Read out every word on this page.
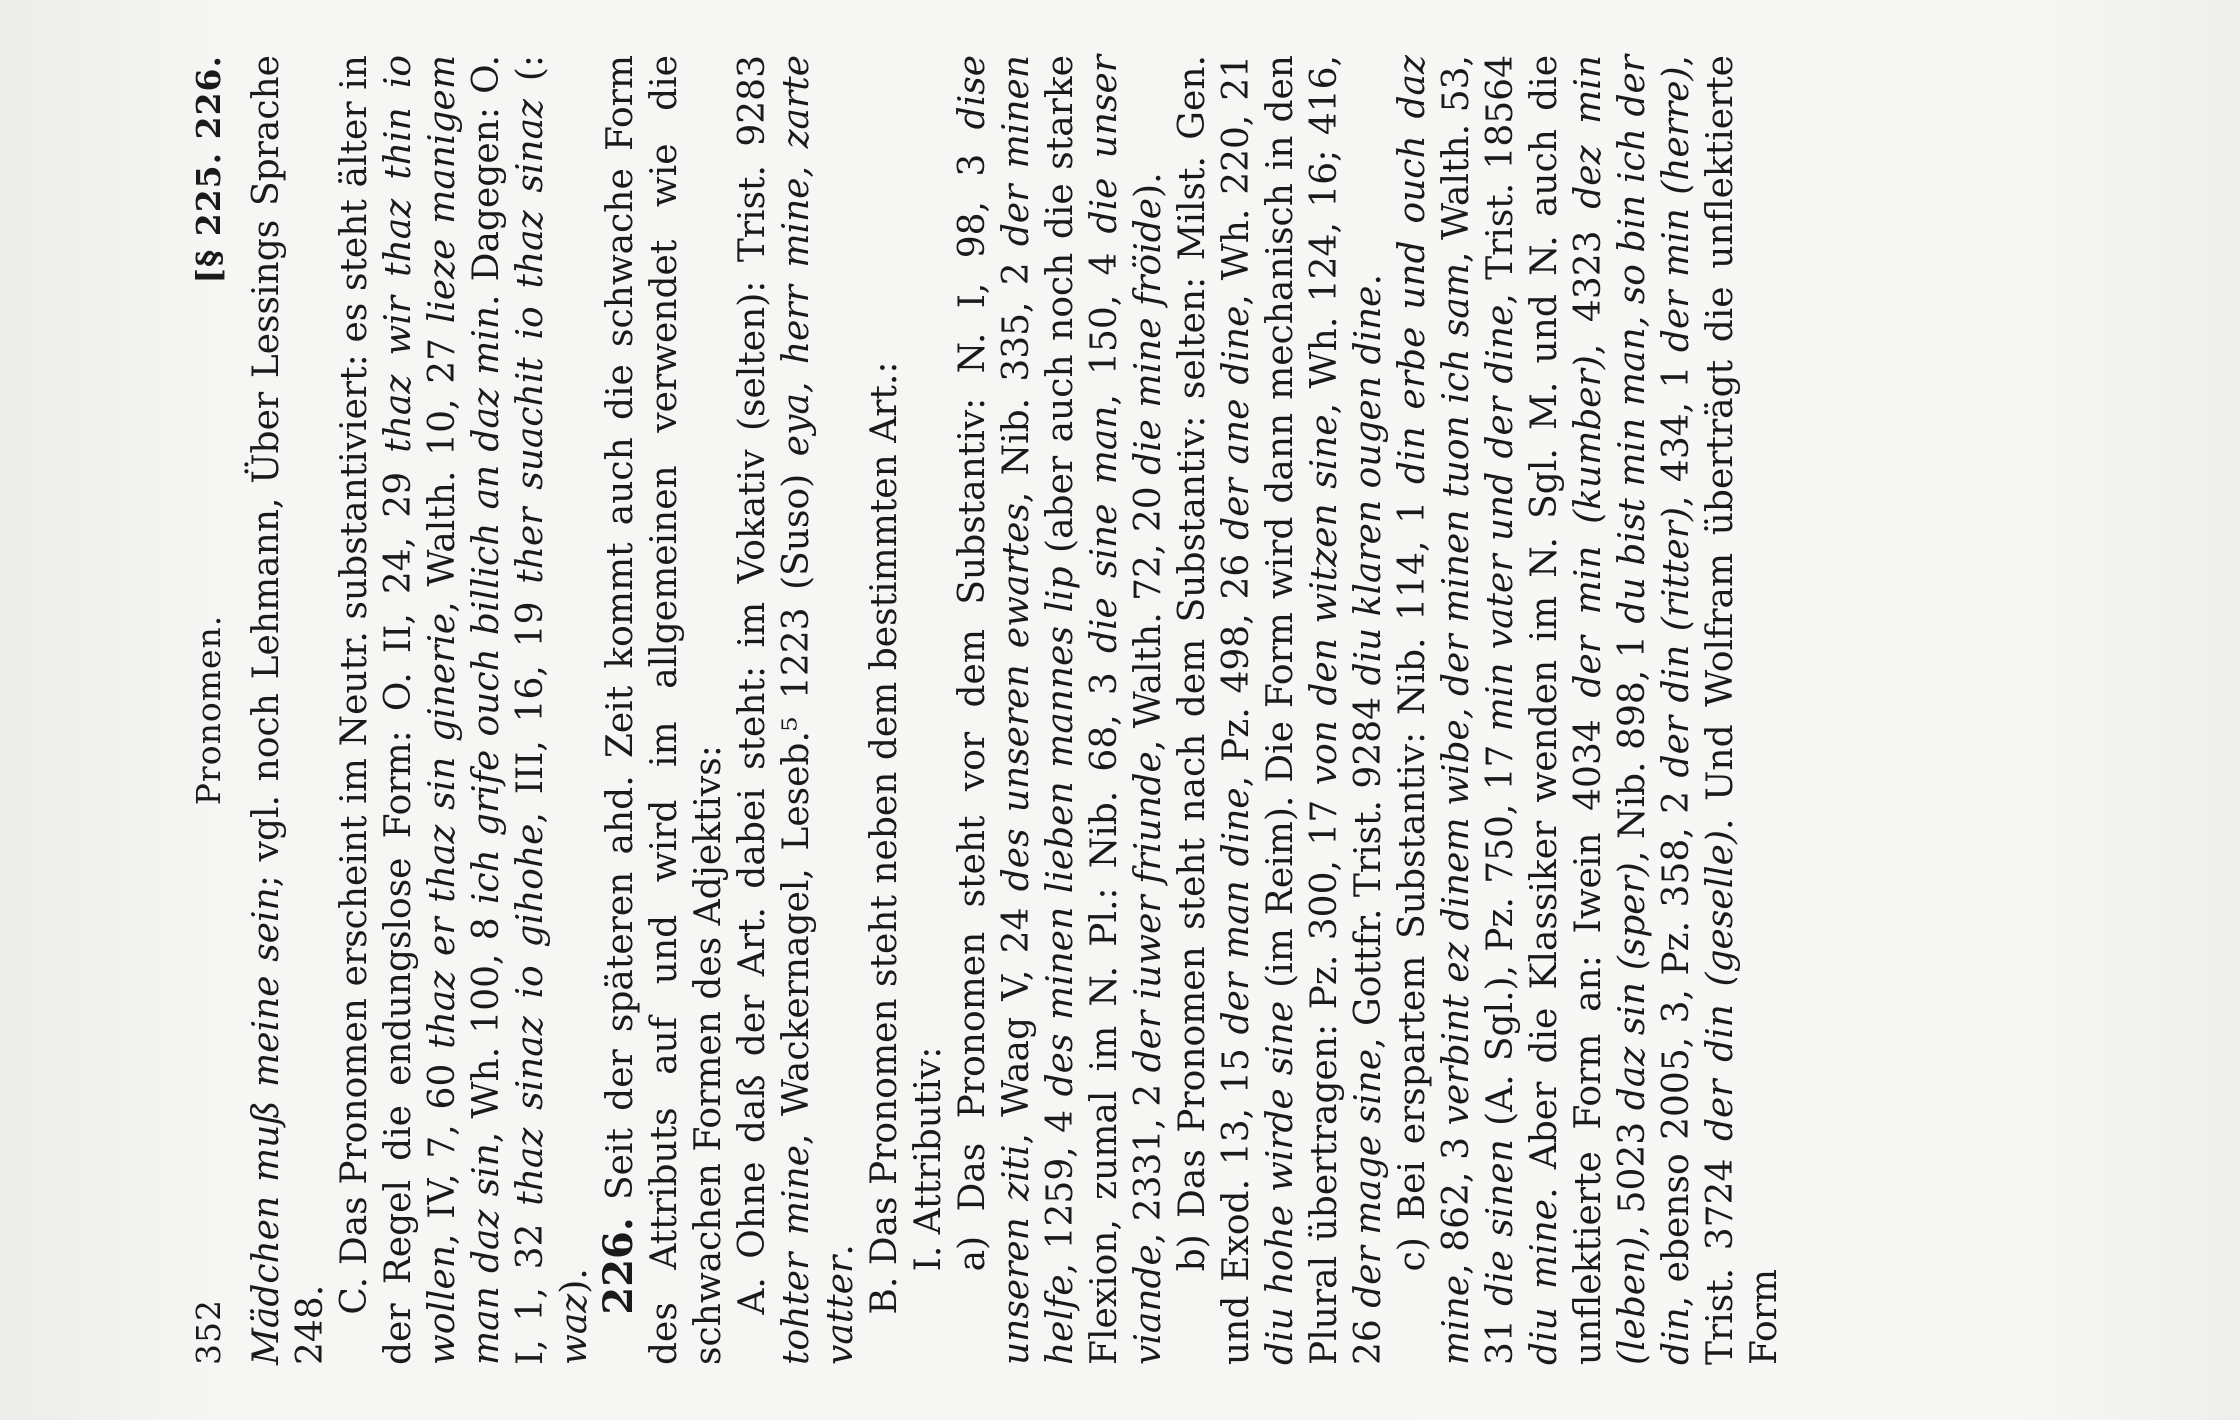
352
Pronomen.
[§ 225. 226.

Mädchen muß meine sein; vgl. noch Lehmann, Über Lessings Sprache 248.

C. Das Pronomen erscheint im Neutr. substantiviert: es steht älter in der Regel die endungslose Form: O. II, 24, 29 thaz wir thaz thin io wollen, IV, 7, 60 thaz er thaz sin ginerie, Walth. 10, 27 lieze manigem man daz sin, Wh. 100, 8 ich grife ouch billich an daz min. Dagegen: O. I, 1, 32 thaz sinaz io gihohe, III, 16, 19 ther suachit io thaz sinaz (: waz). 226. Seit der späteren ahd. Zeit kommt auch die schwache Form des Attributs auf und wird im allgemeinen verwendet wie die schwachen Formen des Adjektivs: A. Ohne daß der Art. dabei steht: im Vokativ (selten): Trist. 9283 tohter mine, Wackernagel, Leseb.⁵ 1223 (Suso) eya, herr mine, zarte vatter. B. Das Pronomen steht neben dem bestimmten Art.: I. Attributiv: a) Das Pronomen steht vor dem Substantiv: N. I, 98, 3 dise unseren ziti, Waag V, 24 des unseren ewartes, Nib. 335, 2 der minen helfe, 1259, 4 des minen lieben mannes lip (aber auch noch die starke Flexion, zumal im N. Pl.: Nib. 68, 3 die sine man, 150, 4 die unser viande, 2331, 2 der iuwer friunde, Walth. 72, 20 die mine fröide). b) Das Pronomen steht nach dem Substantiv: selten: Milst. Gen. und Exod. 13, 15 der man dine, Pz. 498, 26 der ane dine, Wh. 220, 21 diu hohe wirde sine (im Reim). Die Form wird dann mechanisch in den Plural übertragen: Pz. 300, 17 von den witzen sine, Wh. 124, 16; 416, 26 der mage sine, Gottfr. Trist. 9284 diu klaren ougen dine.

c) Bei erspartem Substantiv: Nib. 114, 1 din erbe und ouch daz mine, 862, 3 verbint ez dinem wibe, der minen tuon ich sam, Walth. 53, 31 die sinen (A. Sgl.), Pz. 750, 17 min vater und der dine, Trist. 18564 diu mine. Aber die Klassiker wenden im N. Sgl. M. und N. auch die unflektierte Form an: Iwein 4034 der min (kumber), 4323 dez min (leben), 5023 daz sin (sper), Nib. 898, 1 du bist min man, so bin ich der din, ebenso 2005, 3, Pz. 358, 2 der din (ritter), 434, 1 der min (herre), Trist. 3724 der din (geselle). Und Wolfram überträgt die unflektierte Form
